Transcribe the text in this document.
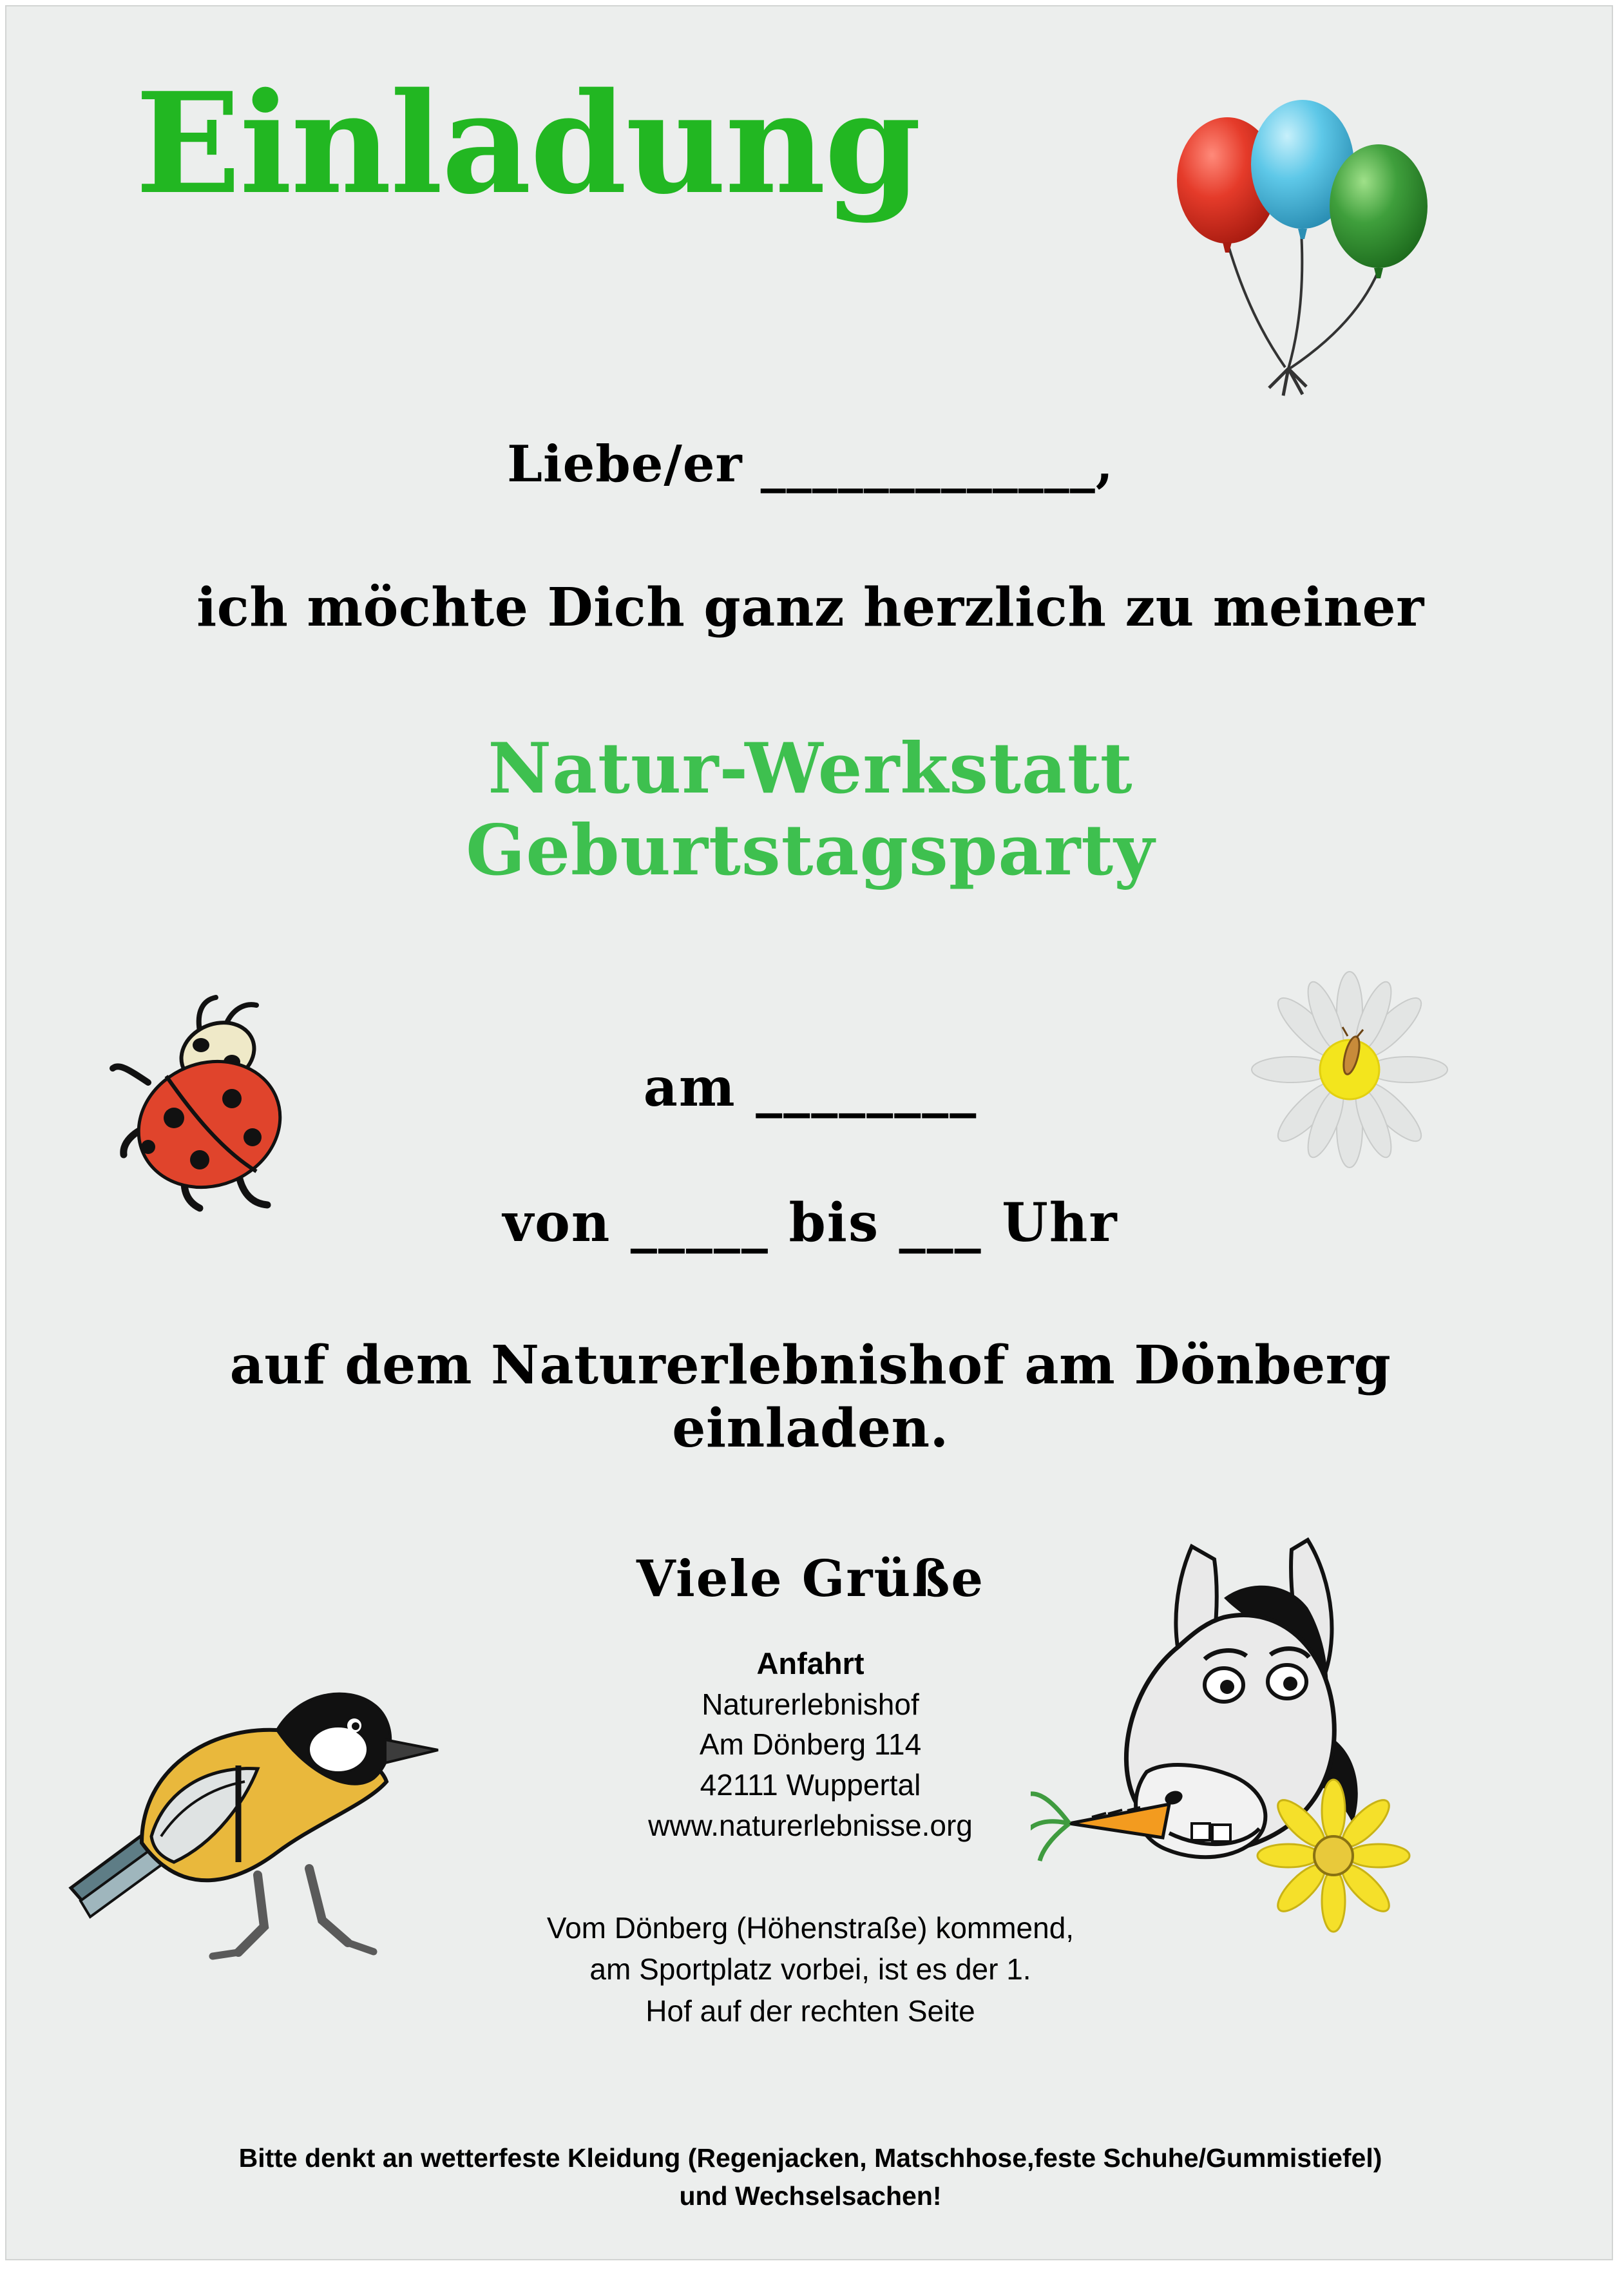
Einladung
Liebe/er _____________,
ich möchte Dich ganz herzlich zu meiner
Natur-Werkstatt
Geburtstagsparty
am ________
von _____ bis ___ Uhr
auf dem Naturerlebnishof am Dönberg
einladen.
Viele Grüße
Anfahrt
Naturerlebnishof
Am Dönberg 114
42111 Wuppertal
www.naturerlebnisse.org
Vom Dönberg (Höhenstraße) kommend,
am Sportplatz vorbei, ist es der 1.
Hof auf der rechten Seite
Bitte denkt an wetterfeste Kleidung (Regenjacken, Matschhose,feste Schuhe/Gummistiefel)
und Wechselsachen!
